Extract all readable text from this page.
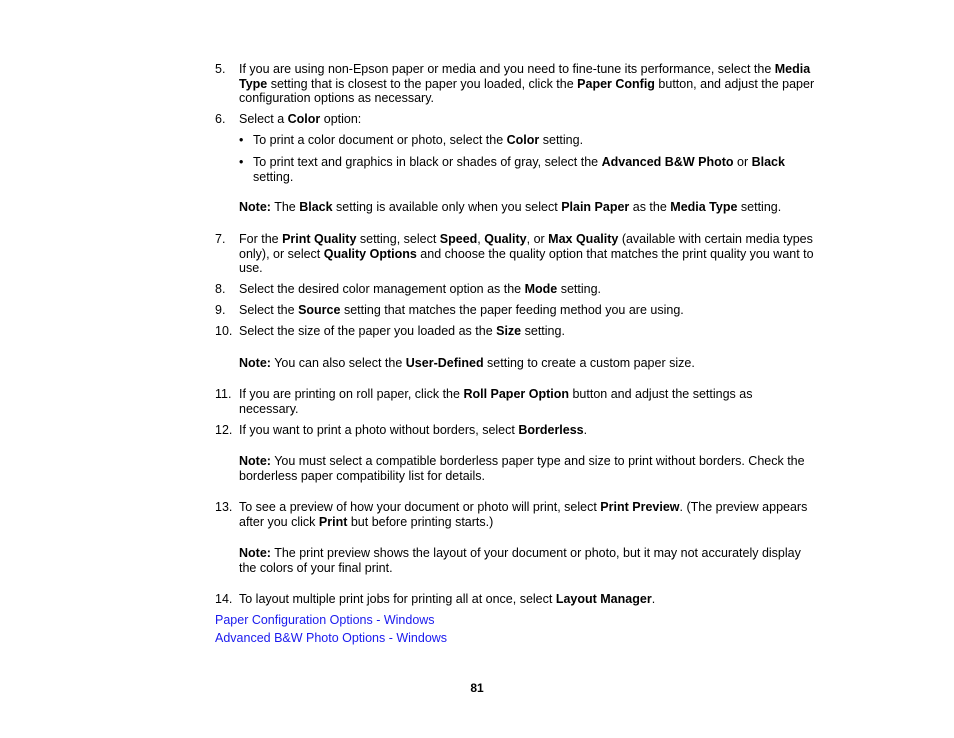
5.	If you are using non-Epson paper or media and you need to fine-tune its performance, select the Media Type setting that is closest to the paper you loaded, click the Paper Config button, and adjust the paper configuration options as necessary.
6.	Select a Color option:
• To print a color document or photo, select the Color setting.
• To print text and graphics in black or shades of gray, select the Advanced B&W Photo or Black setting.
Note: The Black setting is available only when you select Plain Paper as the Media Type setting.
7.	For the Print Quality setting, select Speed, Quality, or Max Quality (available with certain media types only), or select Quality Options and choose the quality option that matches the print quality you want to use.
8.	Select the desired color management option as the Mode setting.
9.	Select the Source setting that matches the paper feeding method you are using.
10. Select the size of the paper you loaded as the Size setting.
Note: You can also select the User-Defined setting to create a custom paper size.
11. If you are printing on roll paper, click the Roll Paper Option button and adjust the settings as necessary.
12. If you want to print a photo without borders, select Borderless.
Note: You must select a compatible borderless paper type and size to print without borders. Check the borderless paper compatibility list for details.
13. To see a preview of how your document or photo will print, select Print Preview. (The preview appears after you click Print but before printing starts.)
Note: The print preview shows the layout of your document or photo, but it may not accurately display the colors of your final print.
14. To layout multiple print jobs for printing all at once, select Layout Manager.
Paper Configuration Options - Windows
Advanced B&W Photo Options - Windows
81
